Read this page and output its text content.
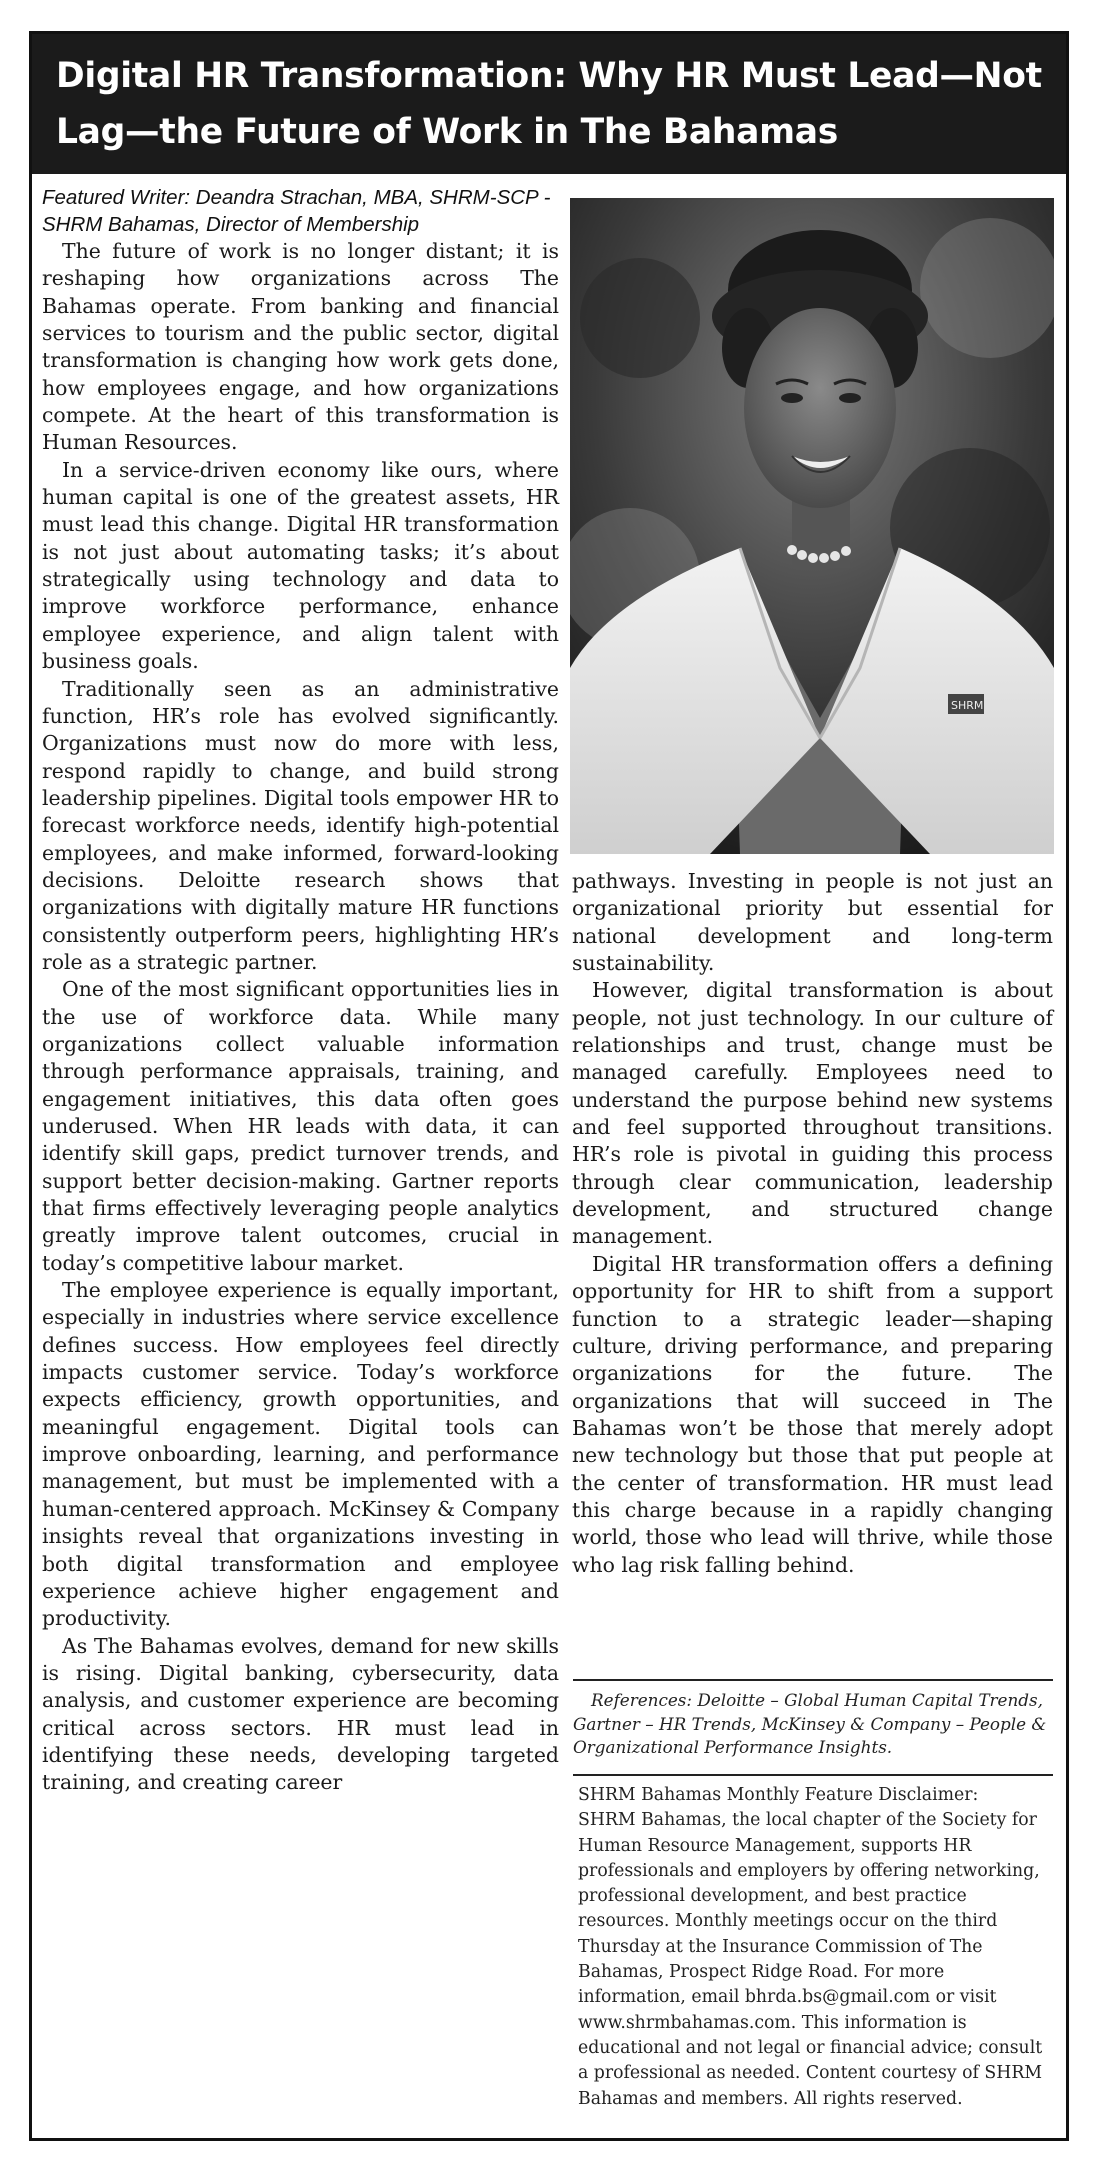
Digital HR Transformation: Why HR Must Lead—Not Lag—the Future of Work in The Bahamas

Featured Writer: Deandra Strachan, MBA, SHRM-SCP - SHRM Bahamas, Director of Membership

SHRM

The future of work is no longer distant; it is reshaping how organizations across The Bahamas operate. From banking and financial services to tourism and the public sector, digital transformation is changing how work gets done, how employees engage, and how organizations compete. At the heart of this transformation is Human Resources.

In a service-driven economy like ours, where human capital is one of the greatest assets, HR must lead this change. Digital HR transformation is not just about automating tasks; it’s about strategically using technology and data to improve workforce performance, enhance employee experience, and align talent with business goals.

Traditionally seen as an administrative function, HR’s role has evolved significantly. Organizations must now do more with less, respond rapidly to change, and build strong leadership pipelines. Digital tools empower HR to forecast workforce needs, identify high-potential employees, and make informed, forward-looking decisions. Deloitte research shows that organizations with digitally mature HR functions consistently outperform peers, highlighting HR’s role as a strategic partner.

One of the most significant opportunities lies in the use of workforce data. While many organizations collect valuable information through performance appraisals, training, and engagement initiatives, this data often goes underused. When HR leads with data, it can identify skill gaps, predict turnover trends, and support better decision-making. Gartner reports that firms effectively leveraging people analytics greatly improve talent outcomes, crucial in today’s competitive labour market.

The employee experience is equally important, especially in industries where service excellence defines success. How employees feel directly impacts customer service. Today’s workforce expects efficiency, growth opportunities, and meaningful engagement. Digital tools can improve onboarding, learning, and performance management, but must be implemented with a human-centered approach. McKinsey & Company insights reveal that organizations investing in both digital transformation and employee experience achieve higher engagement and productivity.

As The Bahamas evolves, demand for new skills is rising. Digital banking, cybersecurity, data analysis, and customer experience are becoming critical across sectors. HR must lead in identifying these needs, developing targeted training, and creating career

pathways. Investing in people is not just an organizational priority but essential for national development and long-term sustainability.

However, digital transformation is about people, not just technology. In our culture of relationships and trust, change must be managed carefully. Employees need to understand the purpose behind new systems and feel supported throughout transitions. HR’s role is pivotal in guiding this process through clear communication, leadership development, and structured change management.

Digital HR transformation offers a defining opportunity for HR to shift from a support function to a strategic leader—shaping culture, driving performance, and preparing organizations for the future. The organizations that will succeed in The Bahamas won’t be those that merely adopt new technology but those that put people at the center of transformation. HR must lead this charge because in a rapidly changing world, those who lead will thrive, while those who lag risk falling behind.

References: Deloitte – Global Human Capital Trends, Gartner – HR Trends, McKinsey & Company – People & Organizational Performance Insights.

SHRM Bahamas Monthly Feature Disclaimer:
SHRM Bahamas, the local chapter of the Society for Human Resource Management, supports HR professionals and employers by offering networking, professional development, and best practice resources. Monthly meetings occur on the third Thursday at the Insurance Commission of The Bahamas, Prospect Ridge Road. For more information, email bhrda.bs@gmail.com or visit www.shrmbahamas.com. This information is educational and not legal or financial advice; consult a professional as needed. Content courtesy of SHRM Bahamas and members. All rights reserved.
